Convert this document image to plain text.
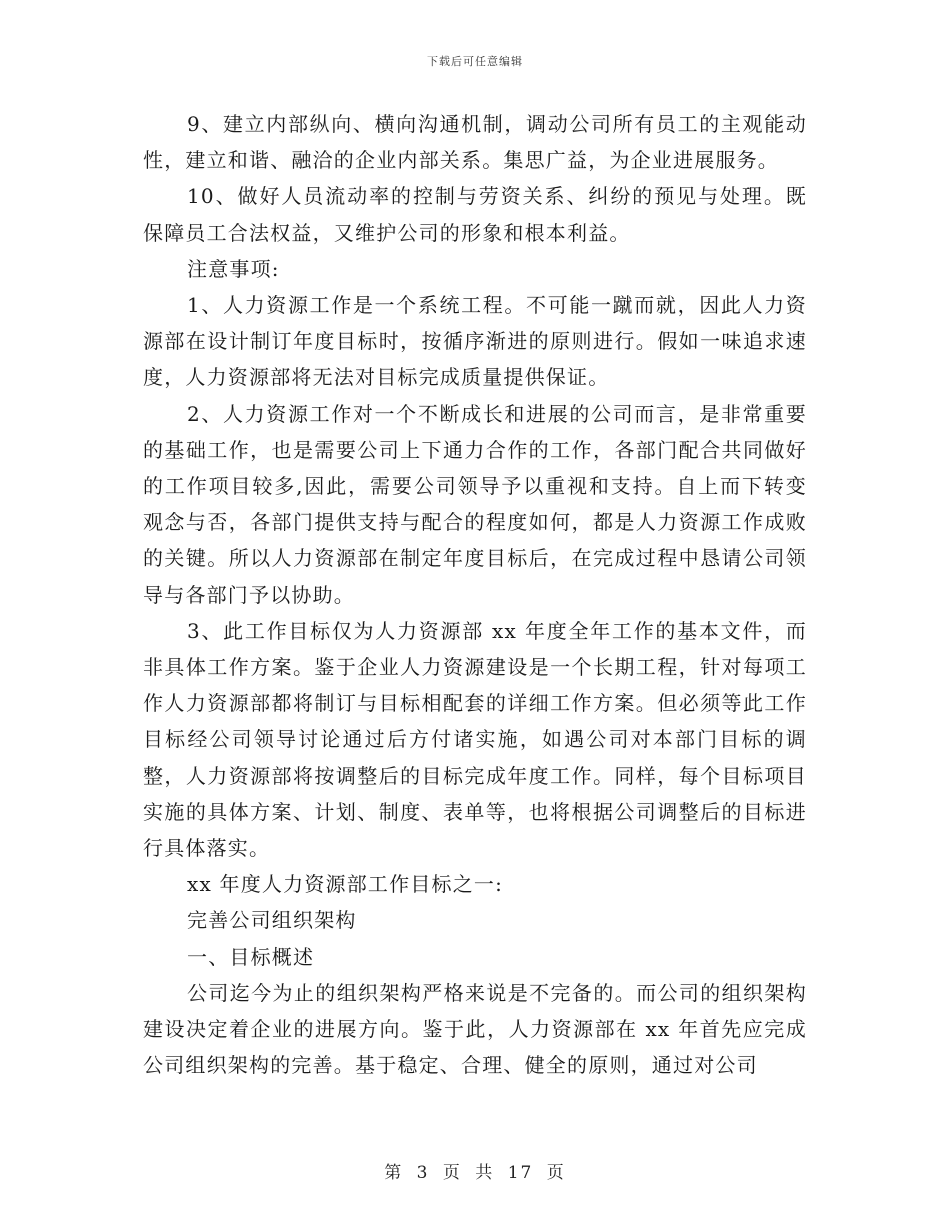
下载后可任意编辑

9、建立内部纵向、横向沟通机制，调动公司所有员工的主观能动性，建立和谐、融洽的企业内部关系。集思广益，为企业进展服务。

10、做好人员流动率的控制与劳资关系、纠纷的预见与处理。既保障员工合法权益，又维护公司的形象和根本利益。

注意事项:

1、人力资源工作是一个系统工程。不可能一蹴而就，因此人力资源部在设计制订年度目标时，按循序渐进的原则进行。假如一味追求速度，人力资源部将无法对目标完成质量提供保证。

2、人力资源工作对一个不断成长和进展的公司而言，是非常重要的基础工作，也是需要公司上下通力合作的工作，各部门配合共同做好的工作项目较多,因此，需要公司领导予以重视和支持。自上而下转变观念与否，各部门提供支持与配合的程度如何，都是人力资源工作成败的关键。所以人力资源部在制定年度目标后，在完成过程中恳请公司领导与各部门予以协助。

3、此工作目标仅为人力资源部 xx 年度全年工作的基本文件，而非具体工作方案。鉴于企业人力资源建设是一个长期工程，针对每项工作人力资源部都将制订与目标相配套的详细工作方案。但必须等此工作目标经公司领导讨论通过后方付诸实施，如遇公司对本部门目标的调整，人力资源部将按调整后的目标完成年度工作。同样，每个目标项目实施的具体方案、计划、制度、表单等，也将根据公司调整后的目标进行具体落实。

xx 年度人力资源部工作目标之一:

完善公司组织架构

一、目标概述

公司迄今为止的组织架构严格来说是不完备的。而公司的组织架构建设决定着企业的进展方向。鉴于此，人力资源部在 xx 年首先应完成公司组织架构的完善。基于稳定、合理、健全的原则，通过对公司

第 3 页 共 17 页
